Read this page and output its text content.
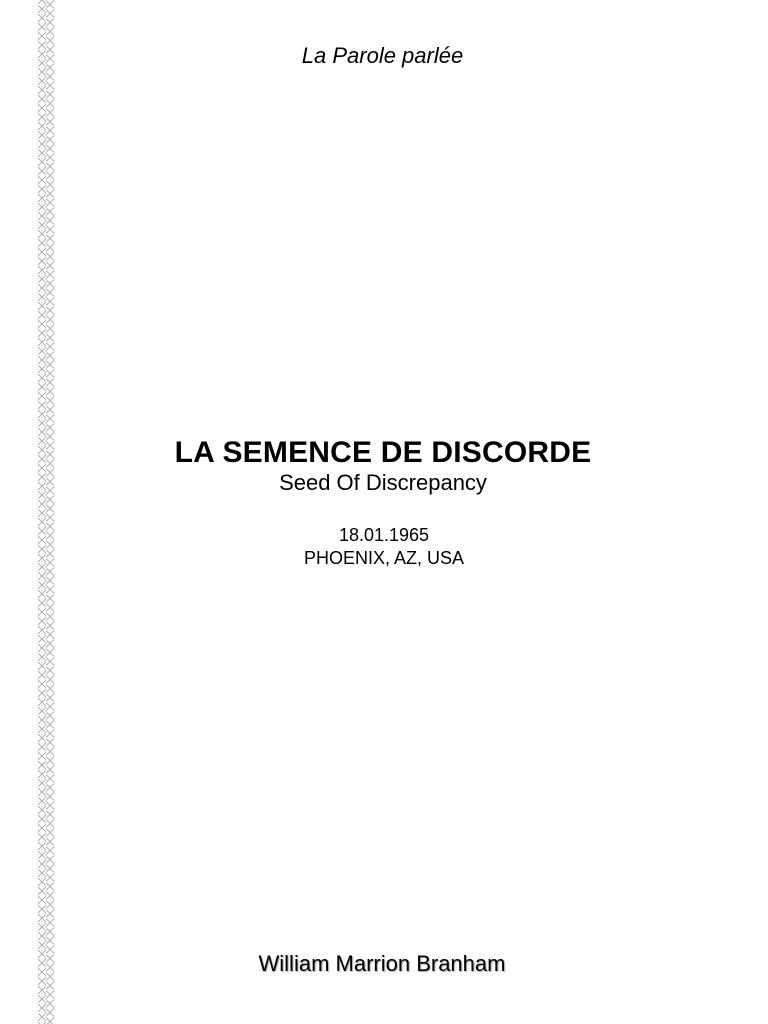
La Parole parlée
LA SEMENCE DE DISCORDE
Seed Of Discrepancy
18.01.1965
PHOENIX, AZ, USA
William Marrion Branham
